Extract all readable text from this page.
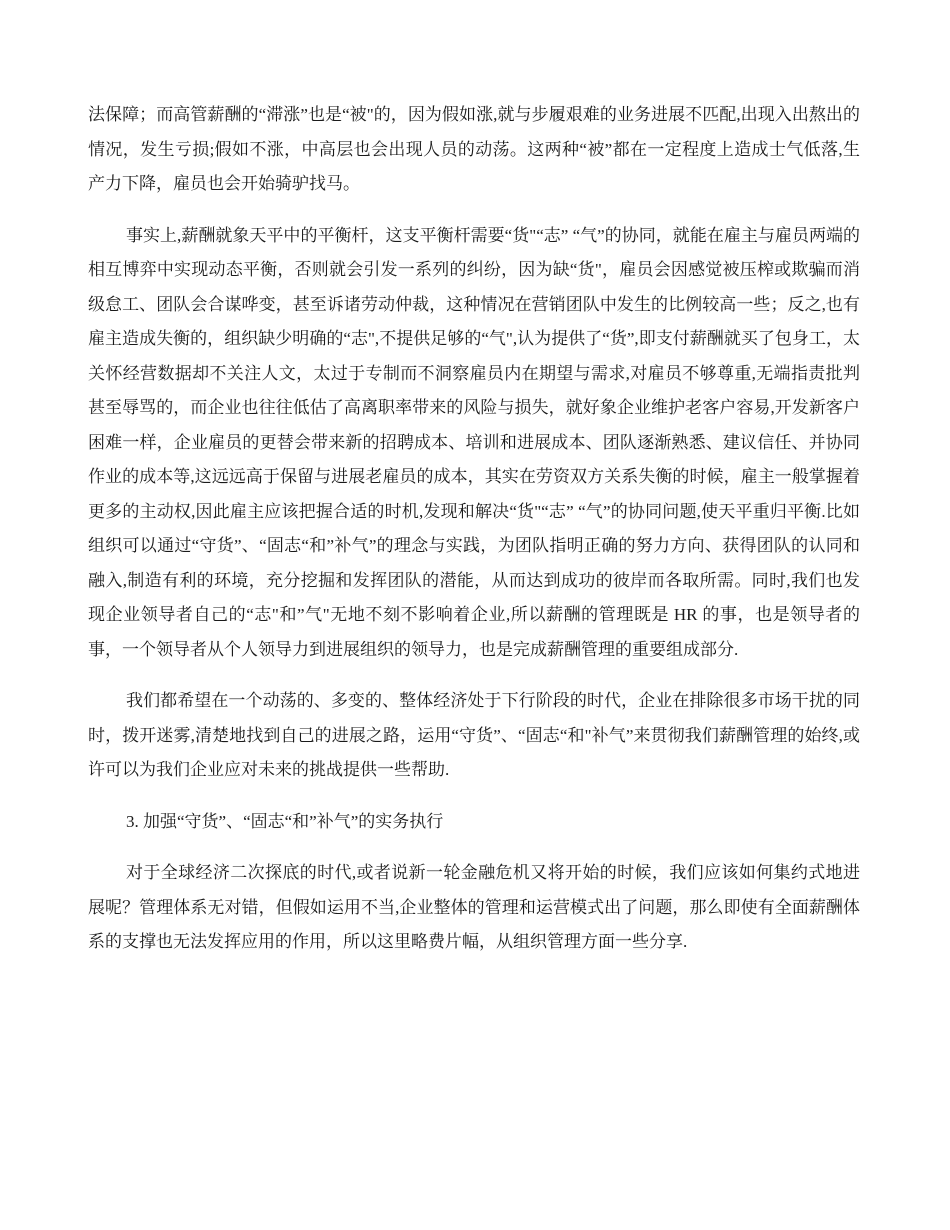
法保障；而高管薪酬的“滞涨”也是“被"的，因为假如涨,就与步履艰难的业务进展不匹配,出现入出熬出的情况，发生亏损;假如不涨，中高层也会出现人员的动荡。这两种“被”都在一定程度上造成士气低落,生产力下降，雇员也会开始骑驴找马。

事实上,薪酬就象天平中的平衡杆，这支平衡杆需要“货"“志” “气”的协同，就能在雇主与雇员两端的相互博弈中实现动态平衡，否则就会引发一系列的纠纷，因为缺“货"，雇员会因感觉被压榨或欺骗而消级怠工、团队会合谋哗变，甚至诉诸劳动仲裁，这种情况在营销团队中发生的比例较高一些；反之,也有雇主造成失衡的，组织缺少明确的“志",不提供足够的“气",认为提供了“货”,即支付薪酬就买了包身工，太关怀经营数据却不关注人文，太过于专制而不洞察雇员内在期望与需求,对雇员不够尊重,无端指责批判甚至辱骂的，而企业也往往低估了高离职率带来的风险与损失，就好象企业维护老客户容易,开发新客户困难一样，企业雇员的更替会带来新的招聘成本、培训和进展成本、团队逐渐熟悉、建议信任、并协同作业的成本等,这远远高于保留与进展老雇员的成本，其实在劳资双方关系失衡的时候，雇主一般掌握着更多的主动权,因此雇主应该把握合适的时机,发现和解决“货"“志” “气”的协同问题,使天平重归平衡.比如组织可以通过“守货”、“固志“和”补气”的理念与实践，为团队指明正确的努力方向、获得团队的认同和融入,制造有利的环境，充分挖掘和发挥团队的潜能，从而达到成功的彼岸而各取所需。同时,我们也发现企业领导者自己的“志"和”气"无地不刻不影响着企业,所以薪酬的管理既是 HR 的事，也是领导者的事，一个领导者从个人领导力到进展组织的领导力，也是完成薪酬管理的重要组成部分.

我们都希望在一个动荡的、多变的、整体经济处于下行阶段的时代，企业在排除很多市场干扰的同时，拨开迷雾,清楚地找到自己的进展之路，运用“守货”、“固志“和"补气”来贯彻我们薪酬管理的始终,或许可以为我们企业应对未来的挑战提供一些帮助.

3. 加强“守货”、“固志“和”补气”的实务执行

对于全球经济二次探底的时代,或者说新一轮金融危机又将开始的时候，我们应该如何集约式地进展呢？管理体系无对错，但假如运用不当,企业整体的管理和运营模式出了问题，那么即使有全面薪酬体系的支撑也无法发挥应用的作用，所以这里略费片幅，从组织管理方面一些分享.
